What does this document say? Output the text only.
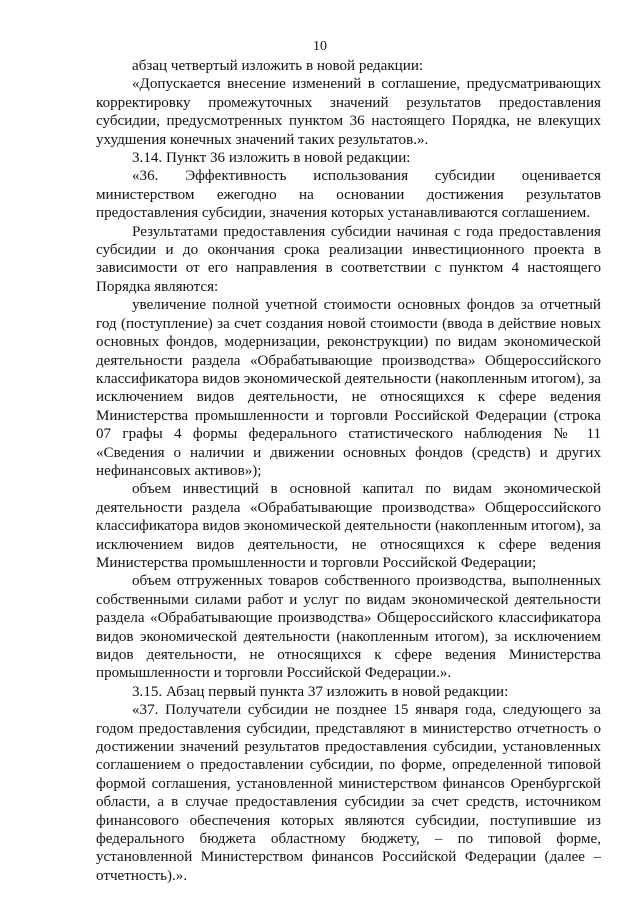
10

абзац четвертый изложить в новой редакции:

«Допускается внесение изменений в соглашение, предусматривающих корректировку промежуточных значений результатов предоставления субсидии, предусмотренных пунктом 36 настоящего Порядка, не влекущих ухудшения конечных значений таких результатов.».

3.14. Пункт 36 изложить в новой редакции:

«36. Эффективность использования субсидии оценивается министерством ежегодно на основании достижения результатов предоставления субсидии, значения которых устанавливаются соглашением.

Результатами предоставления субсидии начиная с года предоставления субсидии и до окончания срока реализации инвестиционного проекта в зависимости от его направления в соответствии с пунктом 4 настоящего Порядка являются:

увеличение полной учетной стоимости основных фондов за отчетный год (поступление) за счет создания новой стоимости (ввода в действие новых основных фондов, модернизации, реконструкции) по видам экономической деятельности раздела «Обрабатывающие производства» Общероссийского классификатора видов экономической деятельности (накопленным итогом), за исключением видов деятельности, не относящихся к сфере ведения Министерства промышленности и торговли Российской Федерации (строка 07 графы 4 формы федерального статистического наблюдения № 11 «Сведения о наличии и движении основных фондов (средств) и других нефинансовых активов»);

объем инвестиций в основной капитал по видам экономической деятельности раздела «Обрабатывающие производства» Общероссийского классификатора видов экономической деятельности (накопленным итогом), за исключением видов деятельности, не относящихся к сфере ведения Министерства промышленности и торговли Российской Федерации;

объем отгруженных товаров собственного производства, выполненных собственными силами работ и услуг по видам экономической деятельности раздела «Обрабатывающие производства» Общероссийского классификатора видов экономической деятельности (накопленным итогом), за исключением видов деятельности, не относящихся к сфере ведения Министерства промышленности и торговли Российской Федерации.».

3.15. Абзац первый пункта 37 изложить в новой редакции:

«37. Получатели субсидии не позднее 15 января года, следующего за годом предоставления субсидии, представляют в министерство отчетность о достижении значений результатов предоставления субсидии, установленных соглашением о предоставлении субсидии, по форме, определенной типовой формой соглашения, установленной министерством финансов Оренбургской области, а в случае предоставления субсидии за счет средств, источником финансового обеспечения которых являются субсидии, поступившие из федерального бюджета областному бюджету, – по типовой форме, установленной Министерством финансов Российской Федерации (далее – отчетность).».
